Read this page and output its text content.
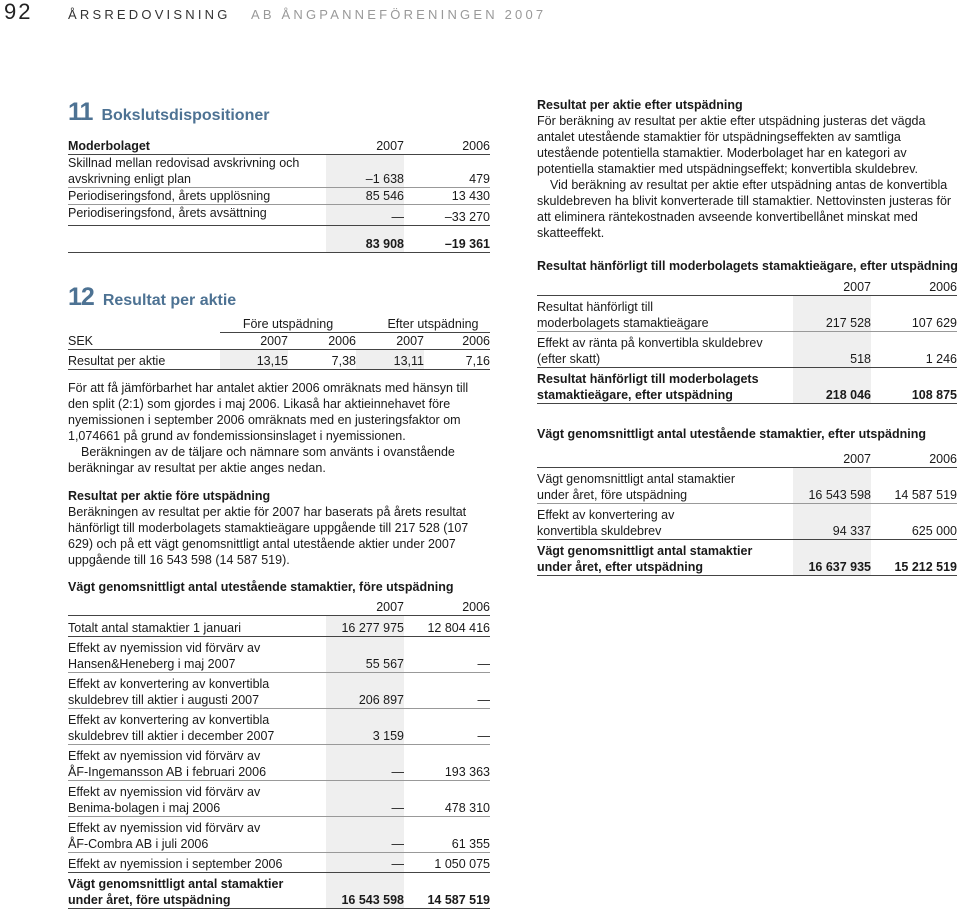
92	ÅRSREDOVISNING AB ÅNGPANNEFÖRENINGEN 2007
11 Bokslutsdispositioner
Moderbolaget	2007	2006

Skillnad mellan redovisad avskrivning och
avskrivning enligt plan	–1 638	479
Periodiseringsfond, årets upplösning	85 546	13 430
Periodiseringsfond, årets avsättning	—	–33 270
	83 908	–19 361
12 Resultat per aktie
	Före utspädning		Efter utspädning	
SEK	2007	2006	2007	2006
Resultat per aktie	13,15	7,38	13,11	7,16

För att få jämförbarhet har antalet aktier 2006 omräknats med hänsyn till den split (2:1) som gjordes i maj 2006. Likaså har aktieinnehavet före nyemissionen i september 2006 omräknats med en justeringsfaktor om 1,074661 på grund av fondemissionsinslaget i nyemissionen.

Beräkningen av de täljare och nämnare som använts i ovanstående beräkningar av resultat per aktie anges nedan.

Resultat per aktie före utspädning

Beräkningen av resultat per aktie för 2007 har baserats på årets resultat hänförligt till moderbolagets stamaktieägare uppgående till 217 528 (107 629) och på ett vägt genomsnittligt antal utestående aktier under 2007 uppgående till 16 543 598 (14 587 519).

Vägt genomsnittligt antal utestående stamaktier, före utspädning
	2007	2006
Totalt antal stamaktier 1 januari	16 277 975	12 804 416

Effekt av nyemission vid förvärv av
Hansen&Heneberg i maj 2007	55 567	—

Effekt av konvertering av konvertibla
skuldebrev till aktier i augusti 2007	206 897	—

Effekt av konvertering av konvertibla
skuldebrev till aktier i december 2007	3 159	—

Effekt av nyemission vid förvärv av
ÅF-Ingemansson AB i februari 2006	—	193 363

Effekt av nyemission vid förvärv av
Benima-bolagen i maj 2006	—	478 310

Effekt av nyemission vid förvärv av
ÅF-Combra AB i juli 2006	—	61 355
Effekt av nyemission i september 2006	—	1 050 075

Vägt genomsnittligt antal stamaktier
under året, före utspädning	16 543 598	14 587 519

Resultat per aktie efter utspädning

För beräkning av resultat per aktie efter utspädning justeras det vägda antalet utestående stamaktier för utspädningseffekten av samtliga utestående potentiella stamaktier. Moderbolaget har en kategori av potentiella stamaktier med utspädningseffekt; konvertibla skuldebrev.

Vid beräkning av resultat per aktie efter utspädning antas de konvertibla skuldebreven ha blivit konverterade till stamaktier. Nettovinsten justeras för att eliminera räntekostnaden avseende konvertibellånet minskat med skatteeffekt.

Resultat hänförligt till moderbolagets stamaktieägare, efter utspädning
	2007	2006

Resultat hänförligt till
moderbolagets stamaktieägare	217 528	107 629

Effekt av ränta på konvertibla skuldebrev
(efter skatt)	518	1 246

Resultat hänförligt till moderbolagets
stamaktieägare, efter utspädning	218 046	108 875
Vägt genomsnittligt antal utestående stamaktier, efter utspädning
	2007	2006

Vägt genomsnittligt antal stamaktier
under året, före utspädning	16 543 598	14 587 519

Effekt av konvertering av
konvertibla skuldebrev	94 337	625 000

Vägt genomsnittligt antal stamaktier
under året, efter utspädning	16 637 935	15 212 519
